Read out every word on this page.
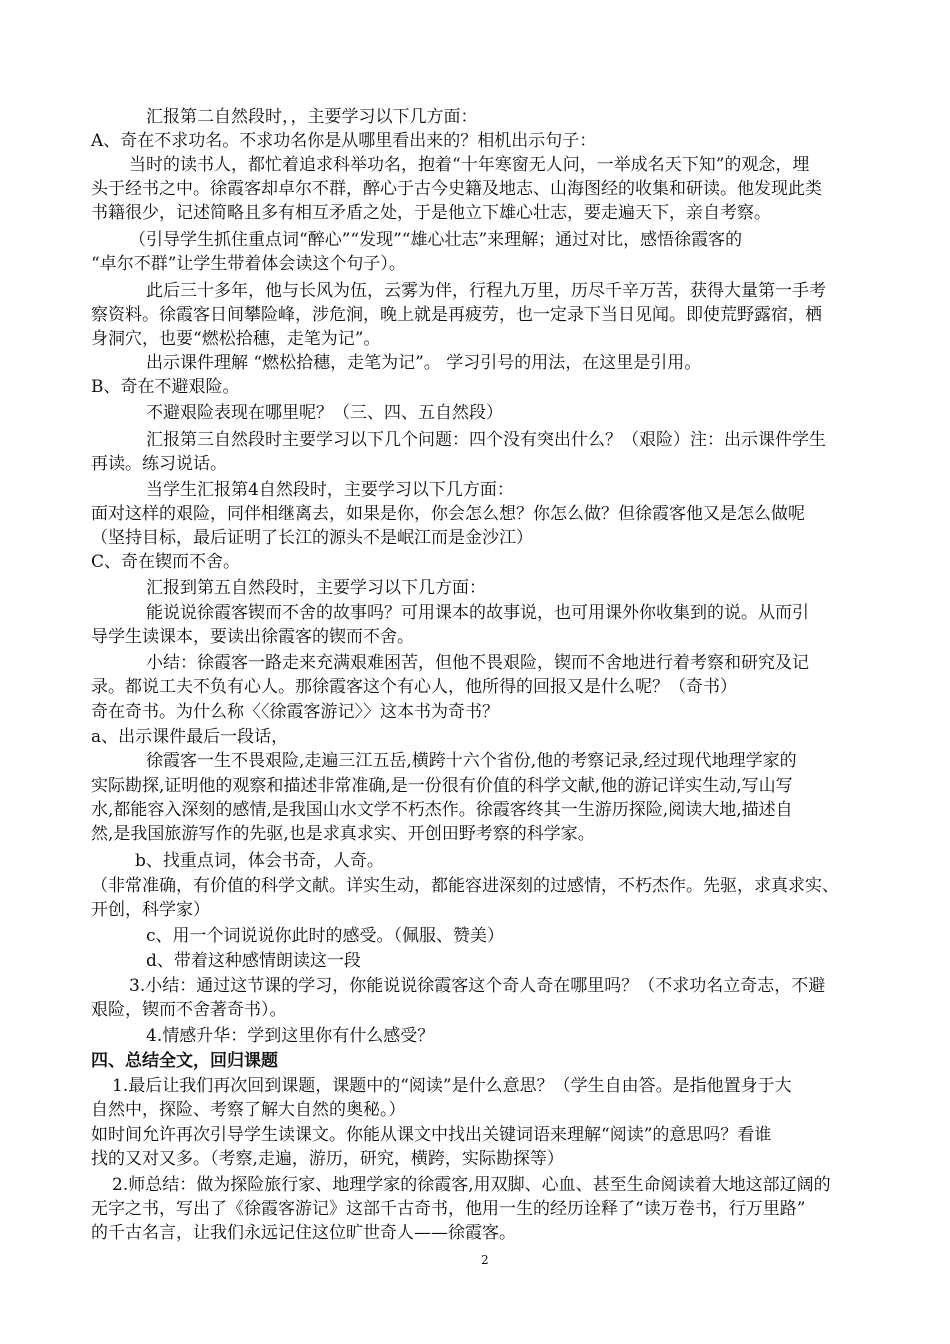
汇报第二自然段时，，主要学习以下几方面：
A、奇在不求功名。不求功名你是从哪里看出来的？相机出示句子：
当时的读书人，都忙着追求科举功名，抱着“十年寒窗无人问，一举成名天下知”的观念，埋
头于经书之中。徐霞客却卓尔不群，醉心于古今史籍及地志、山海图经的收集和研读。他发现此类
书籍很少，记述简略且多有相互矛盾之处，于是他立下雄心壮志，要走遍天下，亲自考察。
（引导学生抓住重点词“醉心”“发现”“雄心壮志”来理解；通过对比，感悟徐霞客的
“卓尔不群”让学生带着体会读这个句子）。
此后三十多年，他与长风为伍，云雾为伴，行程九万里，历尽千辛万苦，获得大量第一手考
察资料。徐霞客日间攀险峰，涉危涧，晚上就是再疲劳，也一定录下当日见闻。即使荒野露宿，栖
身洞穴，也要“燃松拾穗，走笔为记”。
出示课件理解 “燃松拾穗，走笔为记”。 学习引号的用法，在这里是引用。
B、奇在不避艰险。
不避艰险表现在哪里呢？（三、四、五自然段）
汇报第三自然段时主要学习以下几个问题：四个没有突出什么？（艰险）注：出示课件学生
再读。练习说话。
当学生汇报第4自然段时，主要学习以下几方面：
面对这样的艰险，同伴相继离去，如果是你，你会怎么想？你怎么做？但徐霞客他又是怎么做呢
（坚持目标，最后证明了长江的源头不是岷江而是金沙江）
C、奇在锲而不舍。
汇报到第五自然段时，主要学习以下几方面：
能说说徐霞客锲而不舍的故事吗？可用课本的故事说，也可用课外你收集到的说。从而引
导学生读课本，要读出徐霞客的锲而不舍。
小结：徐霞客一路走来充满艰难困苦，但他不畏艰险，锲而不舍地进行着考察和研究及记
录。都说工夫不负有心人。那徐霞客这个有心人，他所得的回报又是什么呢？（奇书）
奇在奇书。为什么称〈〈徐霞客游记〉〉这本书为奇书？
a、出示课件最后一段话，
徐霞客一生不畏艰险,走遍三江五岳,横跨十六个省份,他的考察记录,经过现代地理学家的
实际勘探,证明他的观察和描述非常准确,是一份很有价值的科学文献,他的游记详实生动,写山写
水,都能容入深刻的感情,是我国山水文学不朽杰作。徐霞客终其一生游历探险,阅读大地,描述自
然,是我国旅游写作的先驱,也是求真求实、开创田野考察的科学家。
b、找重点词，体会书奇，人奇。
（非常准确，有价值的科学文献。详实生动，都能容进深刻的过感情，不朽杰作。先驱，求真求实、
开创，科学家）
c、用一个词说说你此时的感受。（佩服、赞美）
d、带着这种感情朗读这一段
3.小结：通过这节课的学习，你能说说徐霞客这个奇人奇在哪里吗？（不求功名立奇志，不避
艰险，锲而不舍著奇书）。
4.情感升华：学到这里你有什么感受？
四、总结全文，回归课题
1.最后让我们再次回到课题，课题中的“阅读”是什么意思？（学生自由答。是指他置身于大
自然中，探险、考察了解大自然的奥秘。）
如时间允许再次引导学生读课文。你能从课文中找出关键词语来理解“阅读”的意思吗？看谁
找的又对又多。（考察,走遍，游历，研究，横跨，实际勘探等）
2.师总结：做为探险旅行家、地理学家的徐霞客,用双脚、心血、甚至生命阅读着大地这部辽阔的
无字之书，写出了《徐霞客游记》这部千古奇书，他用一生的经历诠释了“读万卷书，行万里路”
的千古名言，让我们永远记住这位旷世奇人——徐霞客。
2
